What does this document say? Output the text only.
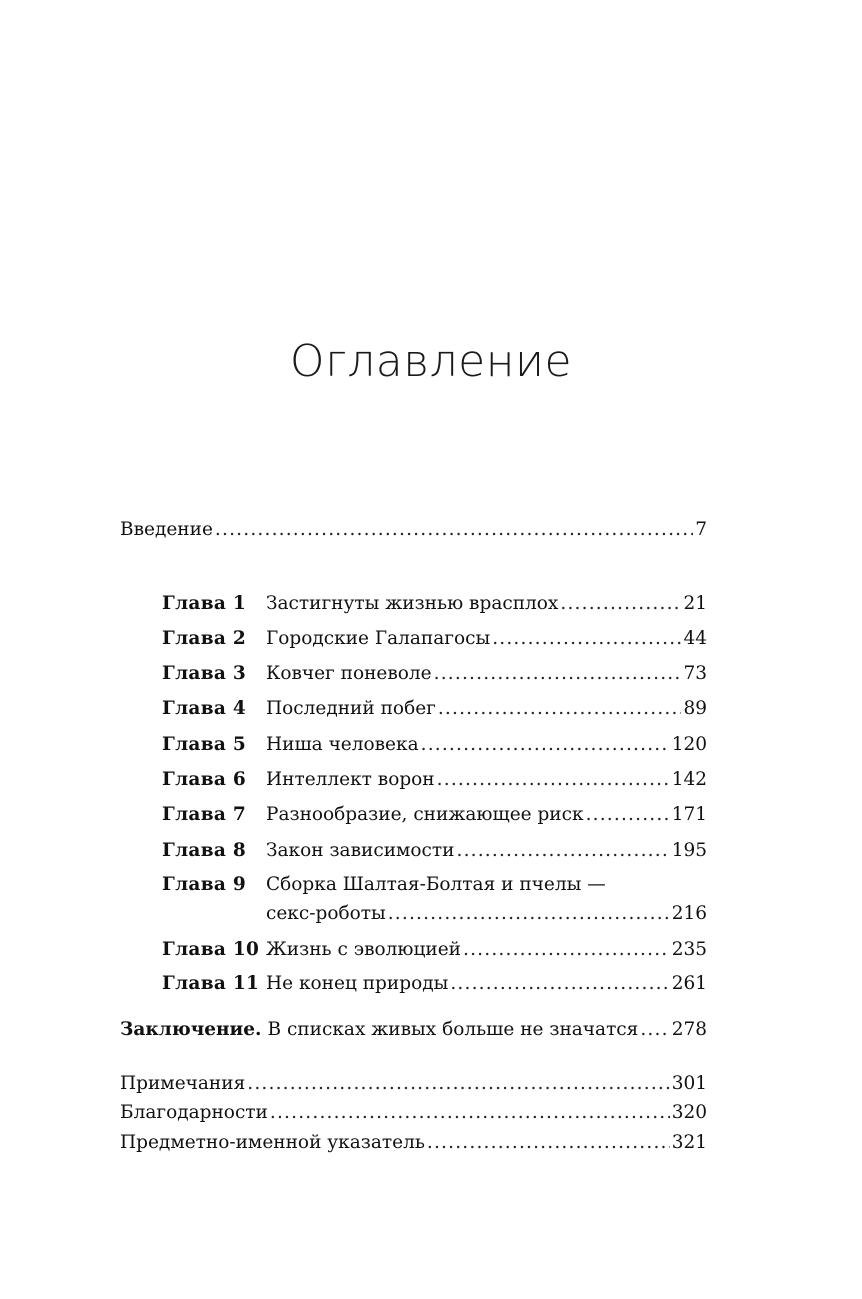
Оглавление
Введение .....	7
Глава 1	Застигнуты жизнью врасплох .....	21
Глава 2	Городские Галапагосы .....	44
Глава 3	Ковчег поневоле .....	73
Глава 4	Последний побег .....	89
Глава 5	Ниша человека .....	120
Глава 6	Интеллект ворон .....	142
Глава 7	Разнообразие, снижающее риск .....	171
Глава 8	Закон зависимости .....	195
Глава 9	Сборка Шалтая-Болтая и пчелы —
секс-роботы .....	216
Глава 10 Жизнь с эволюцией .....	235
Глава 11 Не конец природы .....	261
Заключение. В списках живых больше не значатся ..... 278
Примечания .....	301
Благодарности .....	320
Предметно-именной указатель .....	321
